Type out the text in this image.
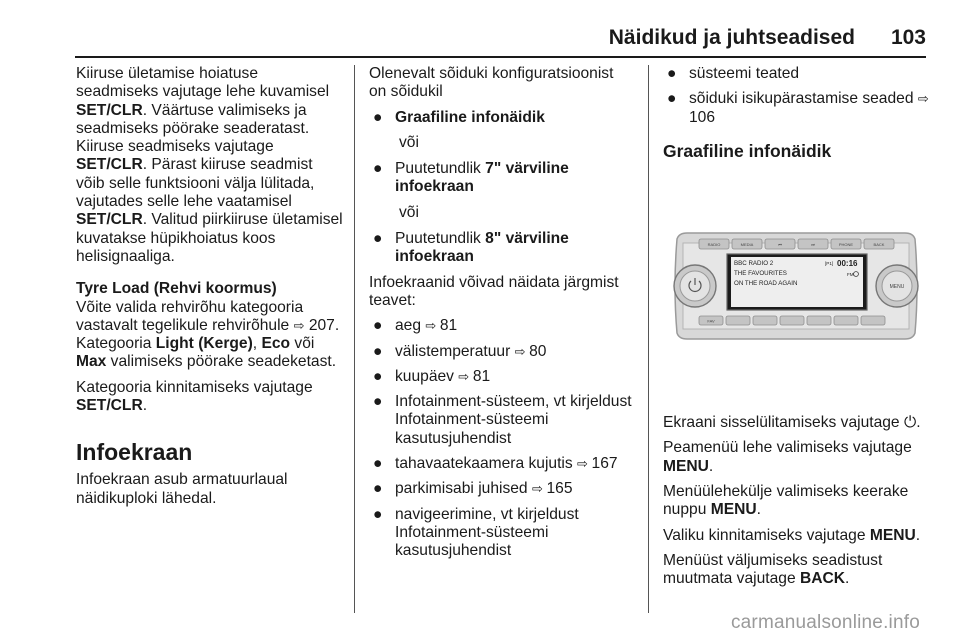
Näidikud ja juhtseadised 103

Kiiruse ületamise hoiatuse seadmiseks vajutage lehe kuvamisel SET/CLR. Väärtuse valimiseks ja seadmiseks pöörake seaderatast. Kiiruse seadmiseks vajutage SET/CLR. Pärast kiiruse seadmist võib selle funktsiooni välja lülitada, vajutades selle lehe vaatamisel SET/CLR. Valitud piirkiiruse ületamisel kuvatakse hüpikhoiatus koos helisignaaliga.

Tyre Load (Rehvi koormus)

Võite valida rehvirõhu kategooria vastavalt tegelikule rehvirõhule ⇨ 207. Kategooria Light (Kerge), Eco või Max valimiseks pöörake seadeketast.

Kategooria kinnitamiseks vajutage SET/CLR.

Infoekraan

Infoekraan asub armatuurlaual näidikuploki lähedal.

Olenevalt sõiduki konfiguratsioonist on sõidukil

● Graafiline infonäidik

või

● Puutetundlik 7" värviline infoekraan

või

● Puutetundlik 8" värviline infoekraan

Infoekraanid võivad näidata järgmist teavet:

● aeg ⇨ 81
● välistemperatuur ⇨ 80
● kuupäev ⇨ 81
● Infotainment-süsteem, vt kirjeldust Infotainment-süsteemi kasutusjuhendist
● tahavaatekaamera kujutis ⇨ 167
● parkimisabi juhised ⇨ 165
● navigeerimine, vt kirjeldust Infotainment-süsteemi kasutusjuhendist
● süsteemi teated
● sõiduki isikupärastamise seaded ⇨ 106
Graafiline infonäidik
RADIO	MEDIA	⏮	⏭	PHONE	BACK
BBC RADIO 2
THE FAVOURITES
ON THE ROAD AGAIN
[P1] 00:16
FM
MENU
FAV

Ekraani sisselülitamiseks vajutage ⏻.

Peamenüü lehe valimiseks vajutage MENU.

Menüülehekülje valimiseks keerake nuppu MENU.

Valiku kinnitamiseks vajutage MENU.

Menüüst väljumiseks seadistust muutmata vajutage BACK.

carmanualsonline.info
